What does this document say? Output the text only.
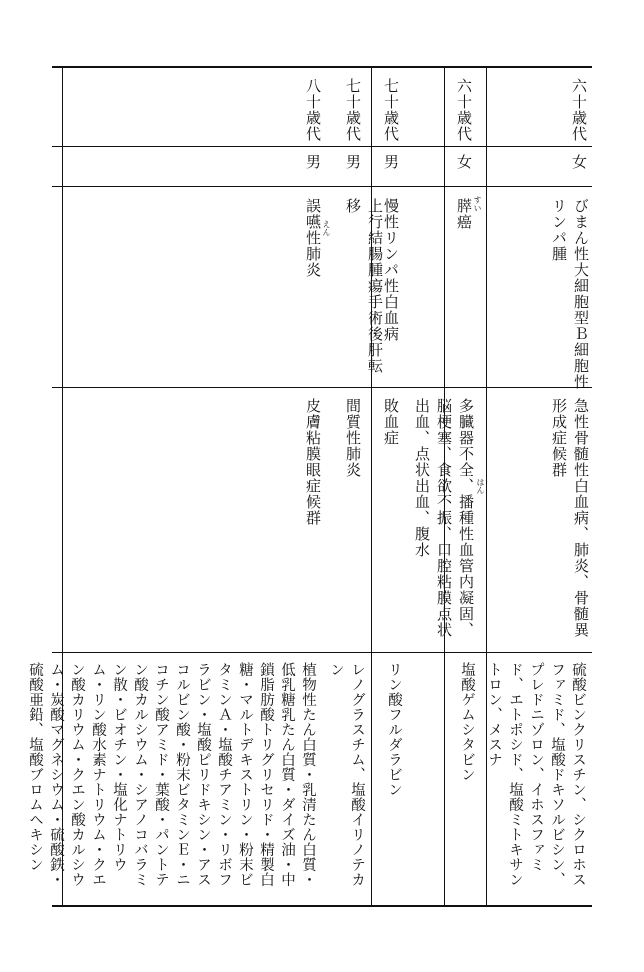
六十歳代
女
びまん性大細胞型Ｂ細胞性リンパ腫
急性骨髄性白血病、肺炎、骨髄異形成症候群
硫酸ビンクリスチン、シクロホスファミド、塩酸ドキソルビシン、プレドニゾロン、イホスファミド、エトポシド、塩酸ミトキサントロン、メスナ
六十歳代
女
膵癌 すい
多臓器不全、播種性血管内凝固、脳梗塞、食欲不振、口腔粘膜点状出血、点状出血、腹水	はん
塩酸ゲムシタビン
七十歳代
男
慢性リンパ性白血病
敗血症
リン酸フルダラビン
七十歳代
男
上行結腸腫瘍手術後肝転移
間質性肺炎
レノグラスチム、塩酸イリノテカン
八十歳代
男
誤嚥性肺炎 えん
皮膚粘膜眼症候群
植物性たん白質・乳清たん白質・低乳糖乳たん白質・ダイズ油・中鎖脂肪酸トリグリセリド・精製白糖・マルトデキストリン・粉末ビタミンＡ・塩酸チアミン・リボフラビン・塩酸ピリドキシン・アスコルビン酸・粉末ビタミンＥ・ニコチン酸アミド・葉酸・パントテン酸カルシウム・シアノコバラミン散・ビオチン・塩化ナトリウム・リン酸水素ナトリウム・クエン酸カリウム・クエン酸カルシウム・炭酸マグネシウム・硫酸鉄・硫酸亜鉛、塩酸ブロムヘキシン
